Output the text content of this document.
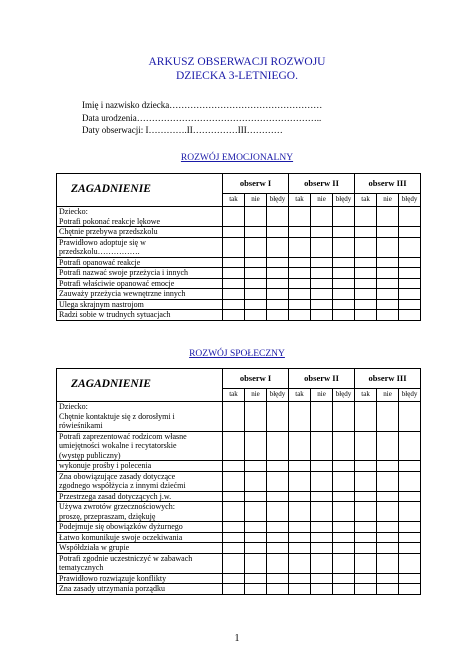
ARKUSZ OBSERWACJI ROZWOJU
DZIECKA 3-LETNIEGO.
Imię i nazwisko dziecka……………………………………………
Data urodzenia……………………………………………………..
Daty obserwacji: I………….II……………III…………
ROZWÓJ EMOCJONALNY
ZAGADNIENIE	obserw I			obserw II			obserw III		
	tak	nie	błędy	tak	nie	błędy	tak	nie	błędy

Dziecko:
Potrafi pokonać reakcje lękowe									

Chętnie przebywa przedszkolu									

Prawidłowo adoptuje się w
przedszkolu…………….									

Potrafi opanować reakcje									

Potrafi nazwać swoje przeżycia i innych									

Potrafi właściwie opanować emocje									

Zauważy przeżycia wewnętrzne innych									

Ulega skrajnym nastrojom									

Radzi sobie w trudnych sytuacjach									

ROZWÓJ SPOŁECZNY
ZAGADNIENIE	obserw I			obserw II			obserw III		
	tak	nie	błędy	tak	nie	błędy	tak	nie	błędy

Dziecko:
Chętnie kontaktuje się z dorosłymi i
rówieśnikami									

Potrafi zaprezentować rodzicom własne
umiejętności wokalne i recytatorskie
(występ publiczny)									

wykonuje prośby i polecenia									

Zna obowiązujące zasady dotyczące
zgodnego współżycia z innymi dziećmi									

Przestrzega zasad dotyczących j.w.									

Używa zwrotów grzecznościowych:
proszę, przepraszam, dziękuję									

Podejmuje się obowiązków dyżurnego									

Łatwo komunikuje swoje oczekiwania									

Współdziała w grupie									

Potrafi zgodnie uczestniczyć w zabawach
tematycznych									

Prawidłowo rozwiązuje konflikty									

Zna zasady utrzymania porządku									

1
